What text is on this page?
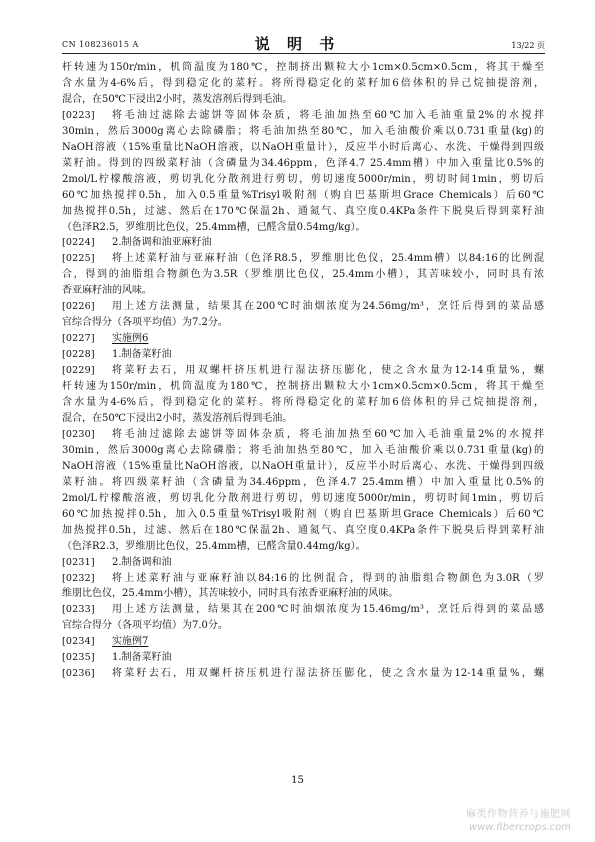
CN 108236015 A	说 明 书	13/22 页
杆转速为150r/min，机筒温度为180℃，控制挤出颗粒大小1cm×0.5cm×0.5cm，将其干燥至
含水量为4-6%后，得到稳定化的菜籽。将所得稳定化的菜籽加6倍体积的异己烷抽提溶剂，
混合，在50℃下浸出2小时，蒸发溶剂后得到毛油。
[0223]	将毛油过滤除去滤饼等固体杂质，将毛油加热至60℃加入毛油重量2%的水搅拌
30min，然后3000g离心去除磷脂；将毛油加热至80℃，加入毛油酸价乘以0.731重量(kg)的
NaOH溶液（15%重量比NaOH溶液，以NaOH重量计），反应半小时后离心、水洗、干燥得到四级
菜籽油。得到的四级菜籽油（含磷量为34.46ppm，色泽4.7 25.4mm槽）中加入重量比0.5%的
2mol/L柠檬酸溶液，剪切乳化分散剂进行剪切，剪切速度5000r/min，剪切时间1min，剪切后
60℃加热搅拌0.5h，加入0.5重量%Trisyl吸附剂（购自巴基斯坦Grace Chemicals）后60℃
加热搅拌0.5h，过滤、然后在170℃保温2h、通氮气、真空度0.4KPa条件下脱臭后得到菜籽油
（色泽R2.5，罗维朋比色仪，25.4mm槽，已醛含量0.54mg/kg）。
[0224]	2.制备调和油亚麻籽油
[0225]	将上述菜籽油与亚麻籽油（色泽R8.5，罗维朋比色仪，25.4mm槽）以84:16的比例混
合，得到的油脂组合物颜色为3.5R（罗维朋比色仪，25.4mm小槽），其苦味较小，同时具有浓
香亚麻籽油的风味。
[0226]	用上述方法测量，结果其在200℃时油烟浓度为24.56mg/m³，烹饪后得到的菜品感
官综合得分（各项平均值）为7.2分。
[0227]	实施例6
[0228]	1.制备菜籽油
[0229]	将菜籽去石，用双螺杆挤压机进行湿法挤压膨化，使之含水量为12-14重量%，螺
杆转速为150r/min，机筒温度为180℃，控制挤出颗粒大小1cm×0.5cm×0.5cm，将其干燥至
含水量为4-6%后，得到稳定化的菜籽。将所得稳定化的菜籽加6倍体积的异己烷抽提溶剂，
混合，在50℃下浸出2小时，蒸发溶剂后得到毛油。
[0230]	将毛油过滤除去滤饼等固体杂质，将毛油加热至60℃加入毛油重量2%的水搅拌
30min，然后3000g离心去除磷脂；将毛油加热至80℃，加入毛油酸价乘以0.731重量(kg)的
NaOH溶液（15%重量比NaOH溶液，以NaOH重量计），反应半小时后离心、水洗、干燥得到四级
菜籽油。将四级菜籽油（含磷量为34.46ppm，色泽4.7 25.4mm槽）中加入重量比0.5%的
2mol/L柠檬酸溶液，剪切乳化分散剂进行剪切，剪切速度5000r/min，剪切时间1min，剪切后
60℃加热搅拌0.5h，加入0.5重量%Trisyl吸附剂（购自巴基斯坦Grace Chemicals）后60℃
加热搅拌0.5h，过滤、然后在180℃保温2h、通氮气、真空度0.4KPa条件下脱臭后得到菜籽油
（色泽R2.3，罗维朋比色仪，25.4mm槽，已醛含量0.44mg/kg）。
[0231]	2.制备调和油
[0232]	将上述菜籽油与亚麻籽油以84:16的比例混合，得到的油脂组合物颜色为3.0R（罗
维朋比色仪，25.4mm小槽），其苦味较小，同时具有浓香亚麻籽油的风味。
[0233]	用上述方法测量，结果其在200℃时油烟浓度为15.46mg/m³，烹饪后得到的菜品感
官综合得分（各项平均值）为7.0分。
[0234]	实施例7
[0235]	1.制备菜籽油
[0236]	将菜籽去石，用双螺杆挤压机进行湿法挤压膨化，使之含水量为12-14重量%，螺
15
麻类作物营养与施肥网
www.fibercrops.com
